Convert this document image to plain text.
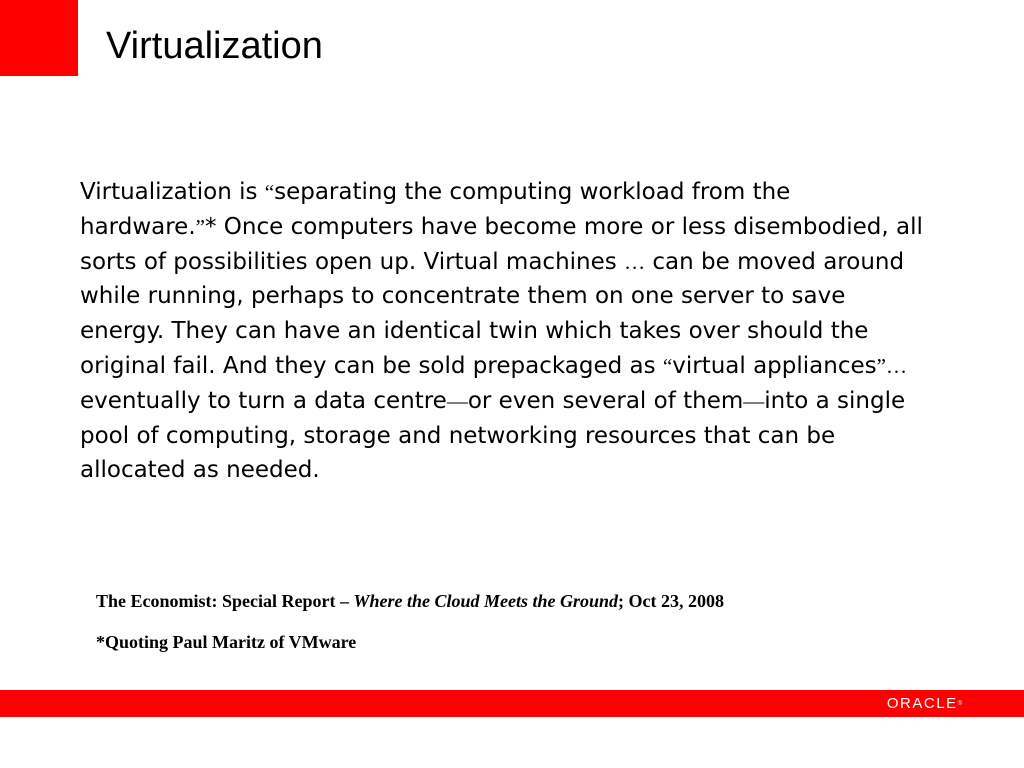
Virtualization

Virtualization is “separating the computing workload from the hardware.”* Once computers have become more or less disembodied, all sorts of possibilities open up. Virtual machines … can be moved around while running, perhaps to concentrate them on one server to save energy. They can have an identical twin which takes over should the original fail. And they can be sold prepackaged as “virtual appliances”…eventually to turn a data centre—or even several of them—into a single pool of computing, storage and networking resources that can be allocated as needed.

The Economist: Special Report – Where the Cloud Meets the Ground; Oct 23, 2008

*Quoting Paul Maritz of VMware

ORACLE®
